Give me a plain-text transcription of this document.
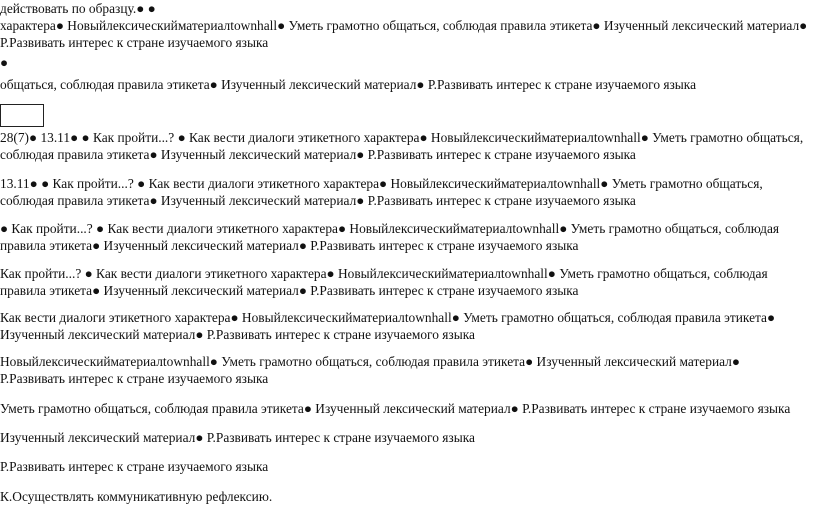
действовать по образцу.● ●

характера● Новыйлексическийматериалtownhall● Уметь грамотно общаться, соблюдая правила этикета● Изученный лексический материал● Р.Развивать интерес к стране изучаемого языка

●

общаться, соблюдая правила этикета● Изученный лексический материал● Р.Развивать интерес к стране изучаемого языка

28(7)● 13.11● ● Как пройти...? ● Как вести диалоги этикетного характера● Новыйлексическийматериалtownhall● Уметь грамотно общаться, соблюдая правила этикета● Изученный лексический материал● Р.Развивать интерес к стране изучаемого языка

13.11● ● Как пройти...? ● Как вести диалоги этикетного характера● Новыйлексическийматериалtownhall● Уметь грамотно общаться, соблюдая правила этикета● Изученный лексический материал● Р.Развивать интерес к стране изучаемого языка

● Как пройти...? ● Как вести диалоги этикетного характера● Новыйлексическийматериалtownhall● Уметь грамотно общаться, соблюдая правила этикета● Изученный лексический материал● Р.Развивать интерес к стране изучаемого языка

Как пройти...? ● Как вести диалоги этикетного характера● Новыйлексическийматериалtownhall● Уметь грамотно общаться, соблюдая правила этикета● Изученный лексический материал● Р.Развивать интерес к стране изучаемого языка

Как вести диалоги этикетного характера● Новыйлексическийматериалtownhall● Уметь грамотно общаться, соблюдая правила этикета● Изученный лексический материал● Р.Развивать интерес к стране изучаемого языка

Новыйлексическийматериалtownhall● Уметь грамотно общаться, соблюдая правила этикета● Изученный лексический материал● Р.Развивать интерес к стране изучаемого языка

Уметь грамотно общаться, соблюдая правила этикета● Изученный лексический материал● Р.Развивать интерес к стране изучаемого языка

Изученный лексический материал● Р.Развивать интерес к стране изучаемого языка

Р.Развивать интерес к стране изучаемого языка

К.Осуществлять коммуникативную рефлексию.
